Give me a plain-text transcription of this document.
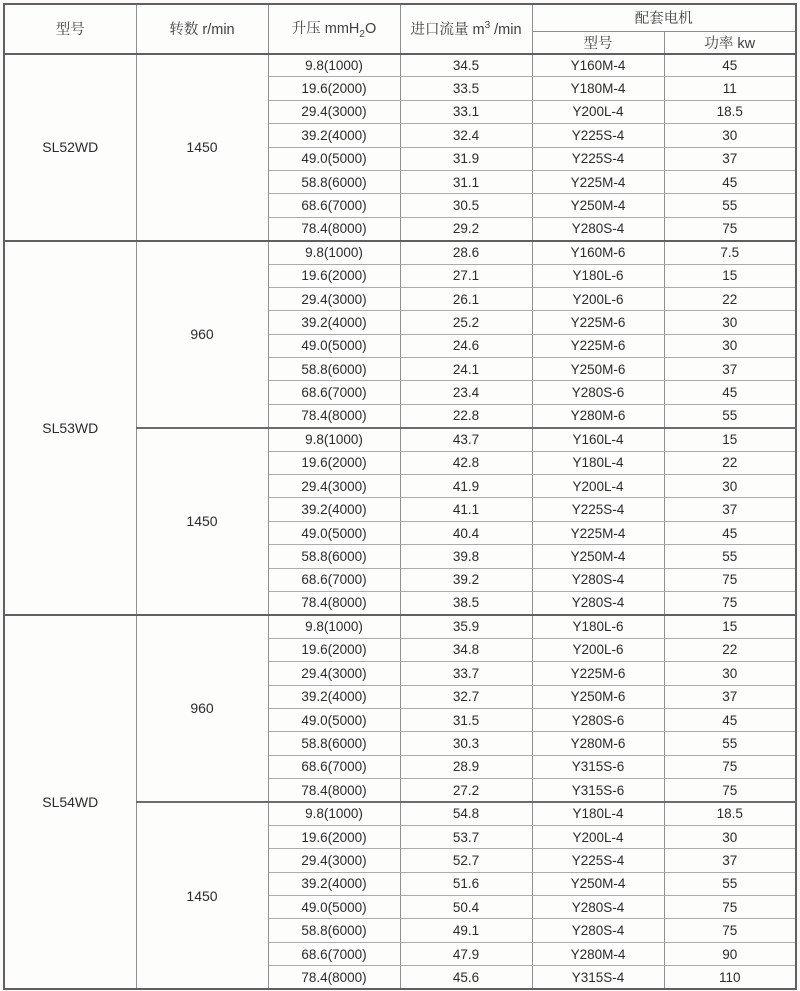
型号	转数 r/min	升压 mmH$_2$O	进口流量 $m^3$ /min	配套电机	
				型号	功率 kw
SL52WD	1450	9.8(1000)	34.5	Y160M-4	45
		19.6(2000)	33.5	Y180M-4	11
		29.4(3000)	33.1	Y200L-4	18.5
		39.2(4000)	32.4	Y225S-4	30
		49.0(5000)	31.9	Y225S-4	37
		58.8(6000)	31.1	Y225M-4	45
		68.6(7000)	30.5	Y250M-4	55
		78.4(8000)	29.2	Y280S-4	75
SL53WD	960	9.8(1000)	28.6	Y160M-6	7.5
		19.6(2000)	27.1	Y180L-6	15
		29.4(3000)	26.1	Y200L-6	22
		39.2(4000)	25.2	Y225M-6	30
		49.0(5000)	24.6	Y225M-6	30
		58.8(6000)	24.1	Y250M-6	37
		68.6(7000)	23.4	Y280S-6	45
		78.4(8000)	22.8	Y280M-6	55
	1450	9.8(1000)	43.7	Y160L-4	15
		19.6(2000)	42.8	Y180L-4	22
		29.4(3000)	41.9	Y200L-4	30
		39.2(4000)	41.1	Y225S-4	37
		49.0(5000)	40.4	Y225M-4	45
		58.8(6000)	39.8	Y250M-4	55
		68.6(7000)	39.2	Y280S-4	75
		78.4(8000)	38.5	Y280S-4	75
SL54WD	960	9.8(1000)	35.9	Y180L-6	15
		19.6(2000)	34.8	Y200L-6	22
		29.4(3000)	33.7	Y225M-6	30
		39.2(4000)	32.7	Y250M-6	37
		49.0(5000)	31.5	Y280S-6	45
		58.8(6000)	30.3	Y280M-6	55
		68.6(7000)	28.9	Y315S-6	75
		78.4(8000)	27.2	Y315S-6	75
	1450	9.8(1000)	54.8	Y180L-4	18.5
		19.6(2000)	53.7	Y200L-4	30
		29.4(3000)	52.7	Y225S-4	37
		39.2(4000)	51.6	Y250M-4	55
		49.0(5000)	50.4	Y280S-4	75
		58.8(6000)	49.1	Y280S-4	75
		68.6(7000)	47.9	Y280M-4	90
		78.4(8000)	45.6	Y315S-4	110
